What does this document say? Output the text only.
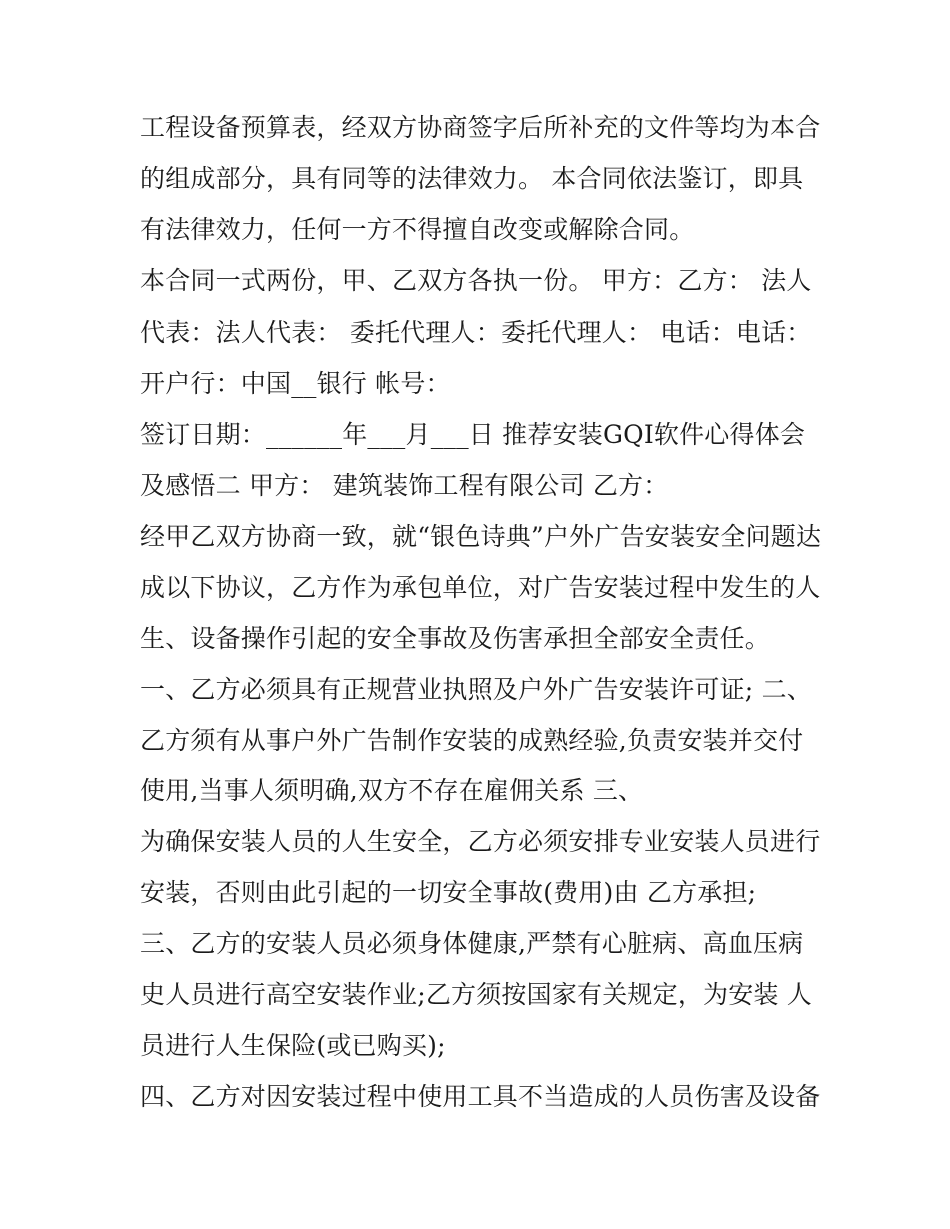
工程设备预算表，经双方协商签字后所补充的文件等均为本合
的组成部分，具有同等的法律效力。 本合同依法鉴订，即具
有法律效力，任何一方不得擅自改变或解除合同。
本合同一式两份，甲、乙双方各执一份。 甲方：乙方： 法人
代表：法人代表： 委托代理人：委托代理人： 电话：电话：
开户行：中国__银行 帐号：
签订日期：______年___月___日 推荐安装GQI软件心得体会
及感悟二 甲方： 建筑装饰工程有限公司 乙方：
经甲乙双方协商一致，就“银色诗典”户外广告安装安全问题达
成以下协议，乙方作为承包单位，对广告安装过程中发生的人
生、设备操作引起的安全事故及伤害承担全部安全责任。
一、乙方必须具有正规营业执照及户外广告安装许可证; 二、
乙方须有从事户外广告制作安装的成熟经验,负责安装并交付
使用,当事人须明确,双方不存在雇佣关系 三、
为确保安装人员的人生安全，乙方必须安排专业安装人员进行
安装，否则由此引起的一切安全事故(费用)由 乙方承担;
三、乙方的安装人员必须身体健康,严禁有心脏病、高血压病
史人员进行高空安装作业;乙方须按国家有关规定，为安装 人
员进行人生保险(或已购买);
四、乙方对因安装过程中使用工具不当造成的人员伤害及设备
